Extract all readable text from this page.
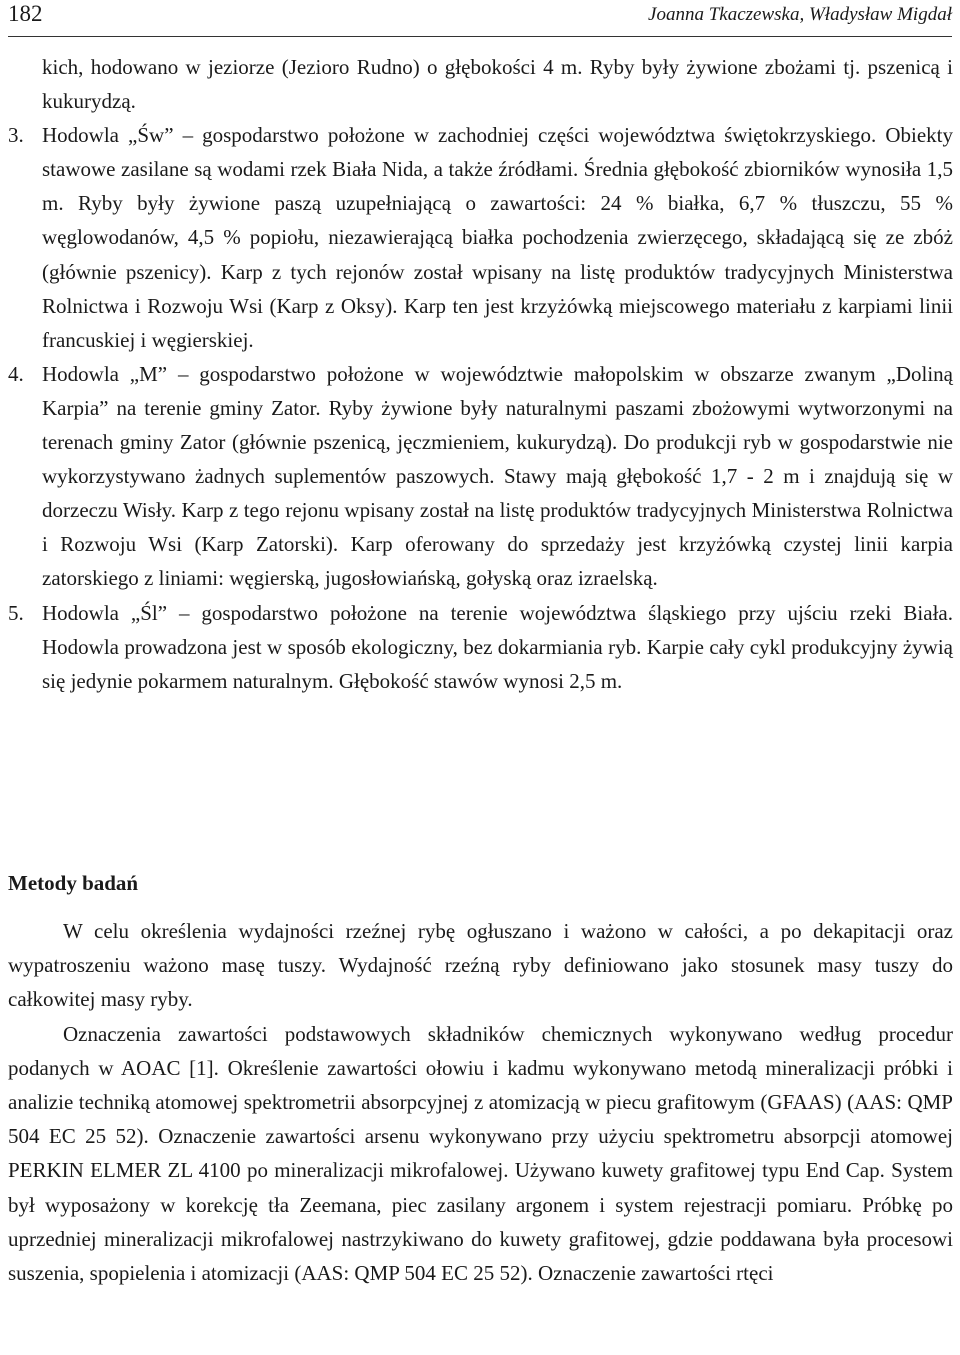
182	Joanna Tkaczewska, Władysław Migdał
kich, hodowano w jeziorze (Jezioro Rudno) o głębokości 4 m. Ryby były żywione zbożami tj. pszenicą i kukurydzą.
3. Hodowla „Św” – gospodarstwo położone w zachodniej części województwa świętokrzyskiego. Obiekty stawowe zasilane są wodami rzek Biała Nida, a także źródłami. Średnia głębokość zbiorników wynosiła 1,5 m. Ryby były żywione paszą uzupełniającą o zawartości: 24 % białka, 6,7 % tłuszczu, 55 % węglowodanów, 4,5 % popiołu, niezawierającą białka pochodzenia zwierzęcego, składającą się ze zbóż (głównie pszenicy). Karp z tych rejonów został wpisany na listę produktów tradycyjnych Ministerstwa Rolnictwa i Rozwoju Wsi (Karp z Oksy). Karp ten jest krzyżówką miejscowego materiału z karpiami linii francuskiej i węgierskiej.
4. Hodowla „M” – gospodarstwo położone w województwie małopolskim w obszarze zwanym „Doliną Karpia” na terenie gminy Zator. Ryby żywione były naturalnymi paszami zbożowymi wytworzonymi na terenach gminy Zator (głównie pszenicą, jęczmieniem, kukurydzą). Do produkcji ryb w gospodarstwie nie wykorzystywano żadnych suplementów paszowych. Stawy mają głębokość 1,7 - 2 m i znajdują się w dorzeczu Wisły. Karp z tego rejonu wpisany został na listę produktów tradycyjnych Ministerstwa Rolnictwa i Rozwoju Wsi (Karp Zatorski). Karp oferowany do sprzedaży jest krzyżówką czystej linii karpia zatorskiego z liniami: węgierską, jugosłowiańską, gołyską oraz izraelską.
5. Hodowla „Śl” – gospodarstwo położone na terenie województwa śląskiego przy ujściu rzeki Biała. Hodowla prowadzona jest w sposób ekologiczny, bez dokarmiania ryb. Karpie cały cykl produkcyjny żywią się jedynie pokarmem naturalnym. Głębokość stawów wynosi 2,5 m.
Metody badań

W celu określenia wydajności rzeźnej rybę ogłuszano i ważono w całości, a po dekapitacji oraz wypatroszeniu ważono masę tuszy. Wydajność rzeźną ryby definiowano jako stosunek masy tuszy do całkowitej masy ryby.

Oznaczenia zawartości podstawowych składników chemicznych wykonywano według procedur podanych w AOAC [1]. Określenie zawartości ołowiu i kadmu wykonywano metodą mineralizacji próbki i analizie techniką atomowej spektrometrii absorpcyjnej z atomizacją w piecu grafitowym (GFAAS) (AAS: QMP 504 EC 25 52). Oznaczenie zawartości arsenu wykonywano przy użyciu spektrometru absorpcji atomowej PERKIN ELMER ZL 4100 po mineralizacji mikrofalowej. Używano kuwety grafitowej typu End Cap. System był wyposażony w korekcję tła Zeemana, piec zasilany argonem i system rejestracji pomiaru. Próbkę po uprzedniej mineralizacji mikrofalowej nastrzykiwano do kuwety grafitowej, gdzie poddawana była procesowi suszenia, spopielenia i atomizacji (AAS: QMP 504 EC 25 52). Oznaczenie zawartości rtęci
